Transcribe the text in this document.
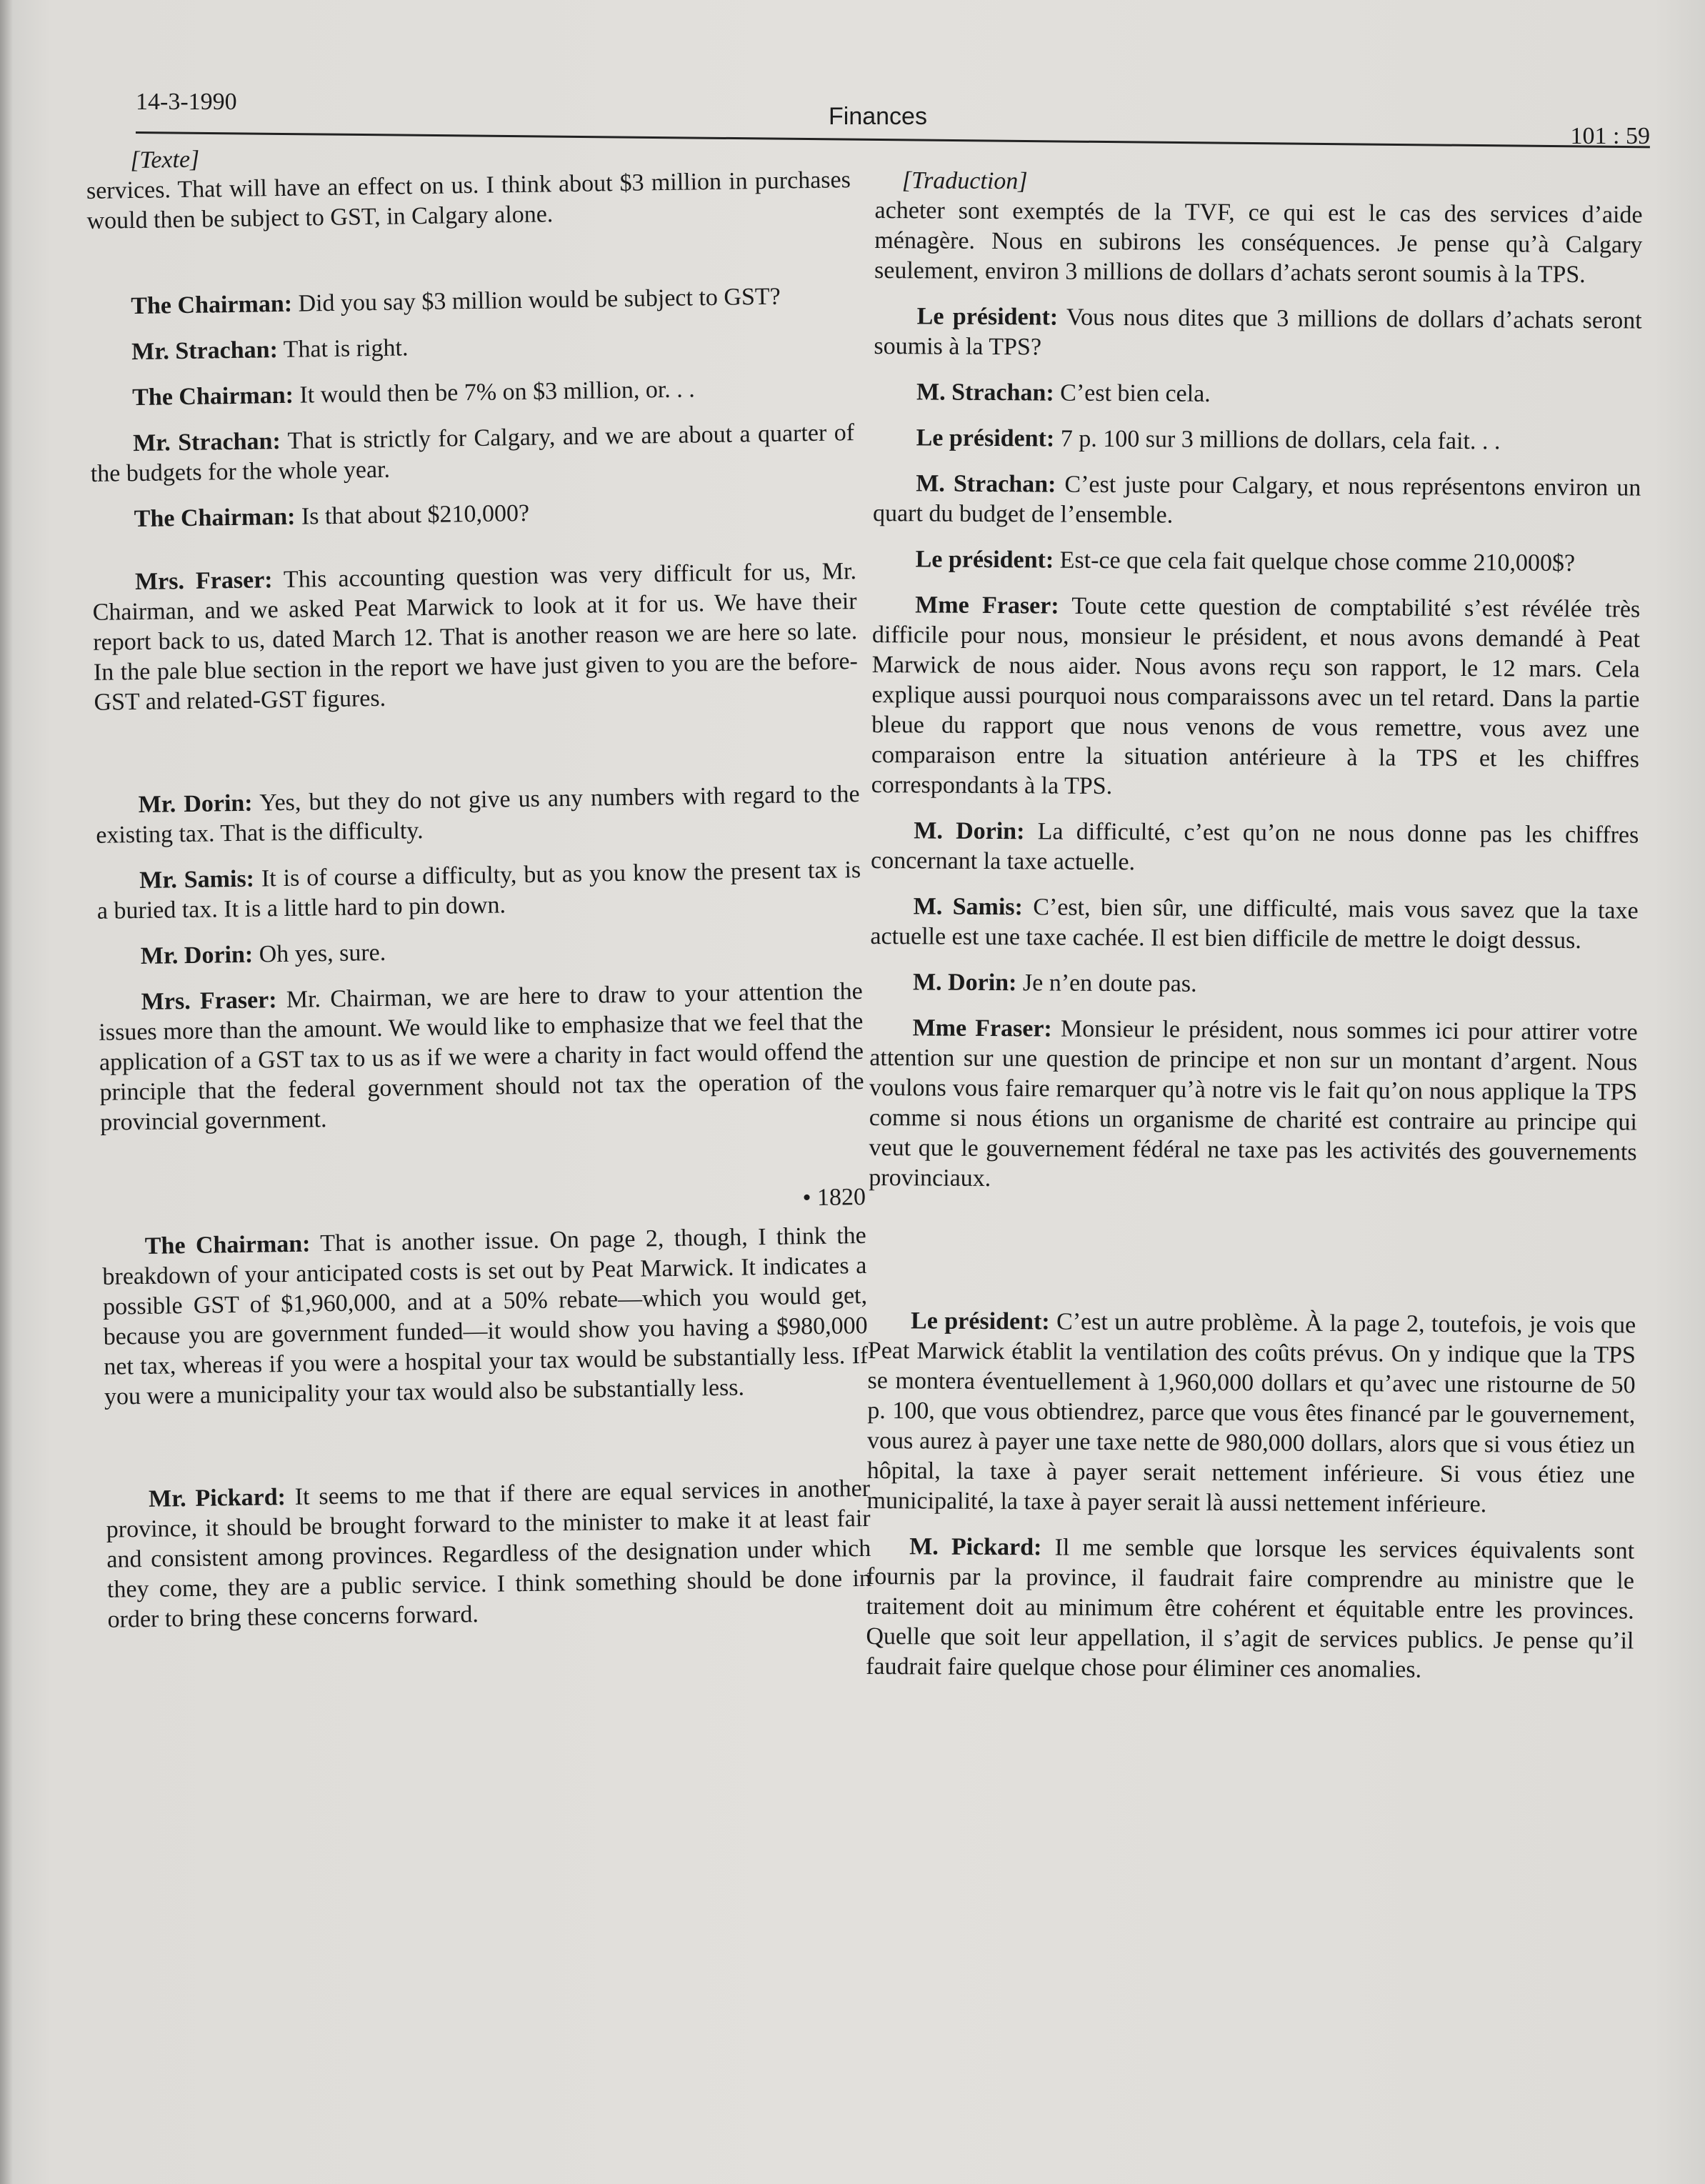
14-3-1990
Finances
101 : 59

[Texte]

services. That will have an effect on us. I think about $3 million in purchases would then be subject to GST, in Calgary alone.

The Chairman: Did you say $3 million would be subject to GST?

Mr. Strachan: That is right.

The Chairman: It would then be 7% on $3 million, or. . .

Mr. Strachan: That is strictly for Calgary, and we are about a quarter of the budgets for the whole year.

The Chairman: Is that about $210,000?

Mrs. Fraser: This accounting question was very difficult for us, Mr. Chairman, and we asked Peat Marwick to look at it for us. We have their report back to us, dated March 12. That is another reason we are here so late. In the pale blue section in the report we have just given to you are the before-GST and related-GST figures.

Mr. Dorin: Yes, but they do not give us any numbers with regard to the existing tax. That is the difficulty.

Mr. Samis: It is of course a difficulty, but as you know the present tax is a buried tax. It is a little hard to pin down.

Mr. Dorin: Oh yes, sure.

Mrs. Fraser: Mr. Chairman, we are here to draw to your attention the issues more than the amount. We would like to emphasize that we feel that the application of a GST tax to us as if we were a charity in fact would offend the principle that the federal government should not tax the operation of the provincial government.

• 1820

The Chairman: That is another issue. On page 2, though, I think the breakdown of your anticipated costs is set out by Peat Marwick. It indicates a possible GST of $1,960,000, and at a 50% rebate—which you would get, because you are government funded—it would show you having a $980,000 net tax, whereas if you were a hospital your tax would be substantially less. If you were a municipality your tax would also be substantially less.

Mr. Pickard: It seems to me that if there are equal services in another province, it should be brought forward to the minister to make it at least fair and consistent among provinces. Regardless of the designation under which they come, they are a public service. I think something should be done in order to bring these concerns forward.

[Traduction]

acheter sont exemptés de la TVF, ce qui est le cas des services d’aide ménagère. Nous en subirons les conséquences. Je pense qu’à Calgary seulement, environ 3 millions de dollars d’achats seront soumis à la TPS.

Le président: Vous nous dites que 3 millions de dollars d’achats seront soumis à la TPS?

M. Strachan: C’est bien cela.

Le président: 7 p. 100 sur 3 millions de dollars, cela fait. . .

M. Strachan: C’est juste pour Calgary, et nous représentons environ un quart du budget de l’ensemble.

Le président: Est-ce que cela fait quelque chose comme 210,000$?

Mme Fraser: Toute cette question de comptabilité s’est révélée très difficile pour nous, monsieur le président, et nous avons demandé à Peat Marwick de nous aider. Nous avons reçu son rapport, le 12 mars. Cela explique aussi pourquoi nous comparaissons avec un tel retard. Dans la partie bleue du rapport que nous venons de vous remettre, vous avez une comparaison entre la situation antérieure à la TPS et les chiffres correspondants à la TPS.

M. Dorin: La difficulté, c’est qu’on ne nous donne pas les chiffres concernant la taxe actuelle.

M. Samis: C’est, bien sûr, une difficulté, mais vous savez que la taxe actuelle est une taxe cachée. Il est bien difficile de mettre le doigt dessus.

M. Dorin: Je n’en doute pas.

Mme Fraser: Monsieur le président, nous sommes ici pour attirer votre attention sur une question de principe et non sur un montant d’argent. Nous voulons vous faire remarquer qu’à notre vis le fait qu’on nous applique la TPS comme si nous étions un organisme de charité est contraire au principe qui veut que le gouvernement fédéral ne taxe pas les activités des gouvernements provinciaux.

Le président: C’est un autre problème. À la page 2, toutefois, je vois que Peat Marwick établit la ventilation des coûts prévus. On y indique que la TPS se montera éventuellement à 1,960,000 dollars et qu’avec une ristourne de 50 p. 100, que vous obtiendrez, parce que vous êtes financé par le gouvernement, vous aurez à payer une taxe nette de 980,000 dollars, alors que si vous étiez un hôpital, la taxe à payer serait nettement inférieure. Si vous étiez une municipalité, la taxe à payer serait là aussi nettement inférieure.

M. Pickard: Il me semble que lorsque les services équivalents sont fournis par la province, il faudrait faire comprendre au ministre que le traitement doit au minimum être cohérent et équitable entre les provinces. Quelle que soit leur appellation, il s’agit de services publics. Je pense qu’il faudrait faire quelque chose pour éliminer ces anomalies.
